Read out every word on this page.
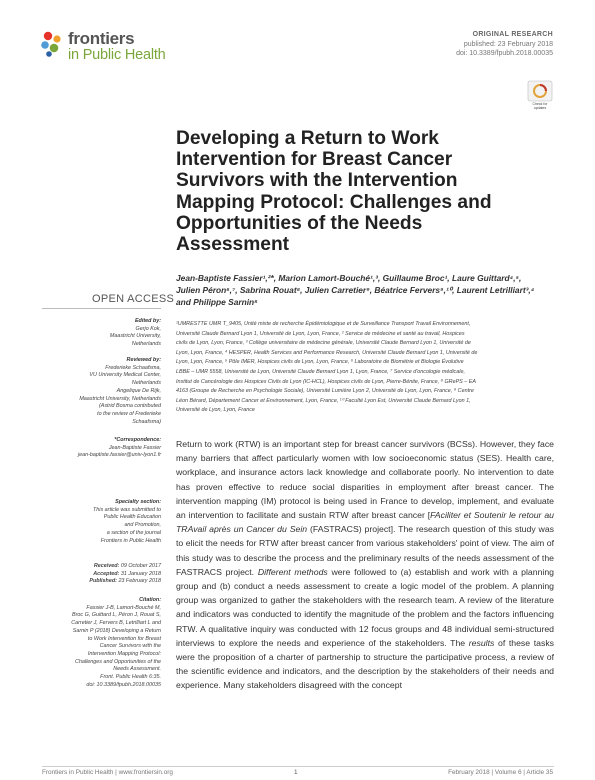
frontiers
in Public Health
ORIGINAL RESEARCH
published: 23 February 2018
doi: 10.3389/fpubh.2018.00035
Check for updates
Developing a Return to Work Intervention for Breast Cancer Survivors with the Intervention Mapping Protocol: Challenges and Opportunities of the Needs Assessment
Jean-Baptiste Fassier¹,²*, Marion Lamort-Bouché¹,³, Guillaume Broc¹, Laure Guittard⁴,⁵,
Julien Péron⁶,⁷, Sabrina Rouat⁸, Julien Carretier⁹, Béatrice Fervers⁹,¹⁰, Laurent Letrilliart³,⁴
and Philippe Sarnin⁸
¹UMRESTTE UMR T_9405, Unité mixte de recherche Épidémiologique et de Surveillance Transport Travail Environnement,
Université Claude Bernard Lyon 1, Université de Lyon, Lyon, France, ² Service de médecine et santé au travail, Hospices
civils de Lyon, Lyon, France, ³ Collège universitaire de médecine générale, Université Claude Bernard Lyon 1, Université de
Lyon, Lyon, France, ⁴ HESPER, Health Services and Performance Research, Université Claude Bernard Lyon 1, Université de
Lyon, Lyon, France, ⁵ Pôle IMER, Hospices civils de Lyon, Lyon, France, ⁶ Laboratoire de Biométrie et Biologie Évolutive
LBBE – UMR 5558, Université de Lyon, Université Claude Bernard Lyon 1, Lyon, France, ⁷ Service d'oncologie médicale,
Institut de Cancérologie des Hospices Civils de Lyon (IC-HCL), Hospices civils de Lyon, Pierre-Bénite, France, ⁸ GRePS – EA
4163 (Groupe de Recherche en Psychologie Sociale), Université Lumière Lyon 2, Université de Lyon, Lyon, France, ⁹ Centre
Léon Bérard, Département Cancer et Environnement, Lyon, France, ¹⁰ Faculté Lyon Est, Université Claude Bernard Lyon 1,
Université de Lyon, Lyon, France
OPEN ACCESS
Edited by:
Gerjo Kok,
Maastricht University,
Netherlands
Reviewed by:
Frederieke Schaafsma,
VU University Medical Center,
Netherlands
Angelique De Rijk,
Maastricht University, Netherlands
(Astrid Bosma contributed
to the review of Frederieke
Schaafsma)
*Correspondence:
Jean-Baptiste Fassier
jean-baptiste.fassier@univ-lyon1.fr
Specialty section:
This article was submitted to
Public Health Education
and Promotion,
a section of the journal
Frontiers in Public Health
Received: 09 October 2017
Accepted: 31 January 2018
Published: 23 February 2018
Citation:
Fassier J-B, Lamort-Bouché M,
Broc G, Guittard L, Péron J, Rouat S,
Carretier J, Fervers B, Letrilliart L and
Sarnin P (2018) Developing a Return
to Work Intervention for Breast
Cancer Survivors with the
Intervention Mapping Protocol:
Challenges and Opportunities of the
Needs Assessment.
Front. Public Health 6:35.
doi: 10.3389/fpubh.2018.00035
Return to work (RTW) is an important step for breast cancer survivors (BCSs). However, they face many barriers that affect particularly women with low socioeconomic status (SES). Health care, workplace, and insurance actors lack knowledge and collaborate poorly. No intervention to date has proven effective to reduce social disparities in employment after breast cancer. The intervention mapping (IM) protocol is being used in France to develop, implement, and evaluate an intervention to facilitate and sustain RTW after breast cancer [FAciliter et Soutenir le retour au TRAvail après un Cancer du Sein (FASTRACS) project]. The research question of this study was to elicit the needs for RTW after breast cancer from various stakeholders' point of view. The aim of this study was to describe the process and the preliminary results of the needs assessment of the FASTRACS project. Different methods were followed to (a) establish and work with a planning group and (b) conduct a needs assessment to create a logic model of the problem. A planning group was organized to gather the stakeholders with the research team. A review of the literature and indicators was conducted to identify the magnitude of the problem and the factors influencing RTW. A qualitative inquiry was conducted with 12 focus groups and 48 individual semi-structured interviews to explore the needs and experience of the stakeholders. The results of these tasks were the proposition of a charter of partnership to structure the participative process, a review of the scientific evidence and indicators, and the description by the stakeholders of their needs and experience. Many stakeholders disagreed with the concept
Frontiers in Public Health | www.frontiersin.org	1	February 2018 | Volume 6 | Article 35
